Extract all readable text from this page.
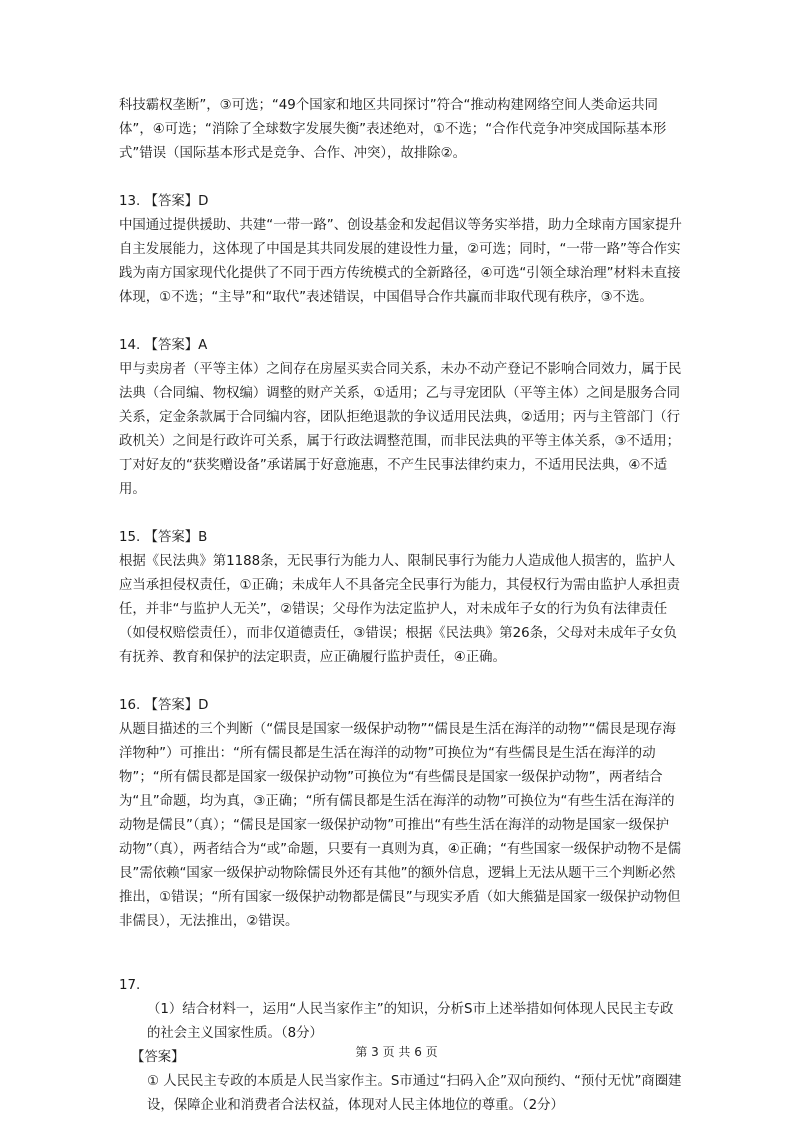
科技霸权垄断”，③可选；“49个国家和地区共同探讨”符合“推动构建网络空间人类命运共同体”，④可选；“消除了全球数字发展失衡”表述绝对，①不选；“合作代竞争冲突成国际基本形式”错误（国际基本形式是竞争、合作、冲突），故排除②。

13. 【答案】D

中国通过提供援助、共建“一带一路”、创设基金和发起倡议等务实举措，助力全球南方国家提升自主发展能力，这体现了中国是其共同发展的建设性力量，②可选；同时，“一带一路”等合作实践为南方国家现代化提供了不同于西方传统模式的全新路径，④可选“引领全球治理”材料未直接体现，①不选；“主导”和“取代”表述错误，中国倡导合作共赢而非取代现有秩序，③不选。

14. 【答案】A

甲与卖房者（平等主体）之间存在房屋买卖合同关系，未办不动产登记不影响合同效力，属于民法典（合同编、物权编）调整的财产关系，①适用；乙与寻宠团队（平等主体）之间是服务合同关系，定金条款属于合同编内容，团队拒绝退款的争议适用民法典，②适用；丙与主管部门（行政机关）之间是行政许可关系，属于行政法调整范围，而非民法典的平等主体关系，③不适用；丁对好友的“获奖赠设备”承诺属于好意施惠，不产生民事法律约束力，不适用民法典，④不适用。

15. 【答案】B

根据《民法典》第1188条，无民事行为能力人、限制民事行为能力人造成他人损害的，监护人应当承担侵权责任，①正确；未成年人不具备完全民事行为能力，其侵权行为需由监护人承担责任，并非“与监护人无关”，②错误；父母作为法定监护人，对未成年子女的行为负有法律责任（如侵权赔偿责任），而非仅道德责任，③错误；根据《民法典》第26条，父母对未成年子女负有抚养、教育和保护的法定职责，应正确履行监护责任，④正确。

16. 【答案】D

从题目描述的三个判断（“儒艮是国家一级保护动物”“儒艮是生活在海洋的动物”“儒艮是现存海洋物种”）可推出：“所有儒艮都是生活在海洋的动物”可换位为“有些儒艮是生活在海洋的动物”；“所有儒艮都是国家一级保护动物”可换位为“有些儒艮是国家一级保护动物”，两者结合为“且”命题，均为真，③正确；“所有儒艮都是生活在海洋的动物”可换位为“有些生活在海洋的动物是儒艮”（真）；“儒艮是国家一级保护动物”可推出“有些生活在海洋的动物是国家一级保护动物”（真），两者结合为“或”命题，只要有一真则为真，④正确；“有些国家一级保护动物不是儒艮”需依赖“国家一级保护动物除儒艮外还有其他”的额外信息，逻辑上无法从题干三个判断必然推出，①错误；“所有国家一级保护动物都是儒艮”与现实矛盾（如大熊猫是国家一级保护动物但非儒艮），无法推出，②错误。

17.

（1）结合材料一，运用“人民当家作主”的知识，分析S市上述举措如何体现人民民主专政的社会主义国家性质。（8分）

【答案】

① 人民民主专政的本质是人民当家作主。S市通过“扫码入企”双向预约、“预付无忧”商圈建设，保障企业和消费者合法权益，体现对人民主体地位的尊重。（2分）

第 3 页 共 6 页
